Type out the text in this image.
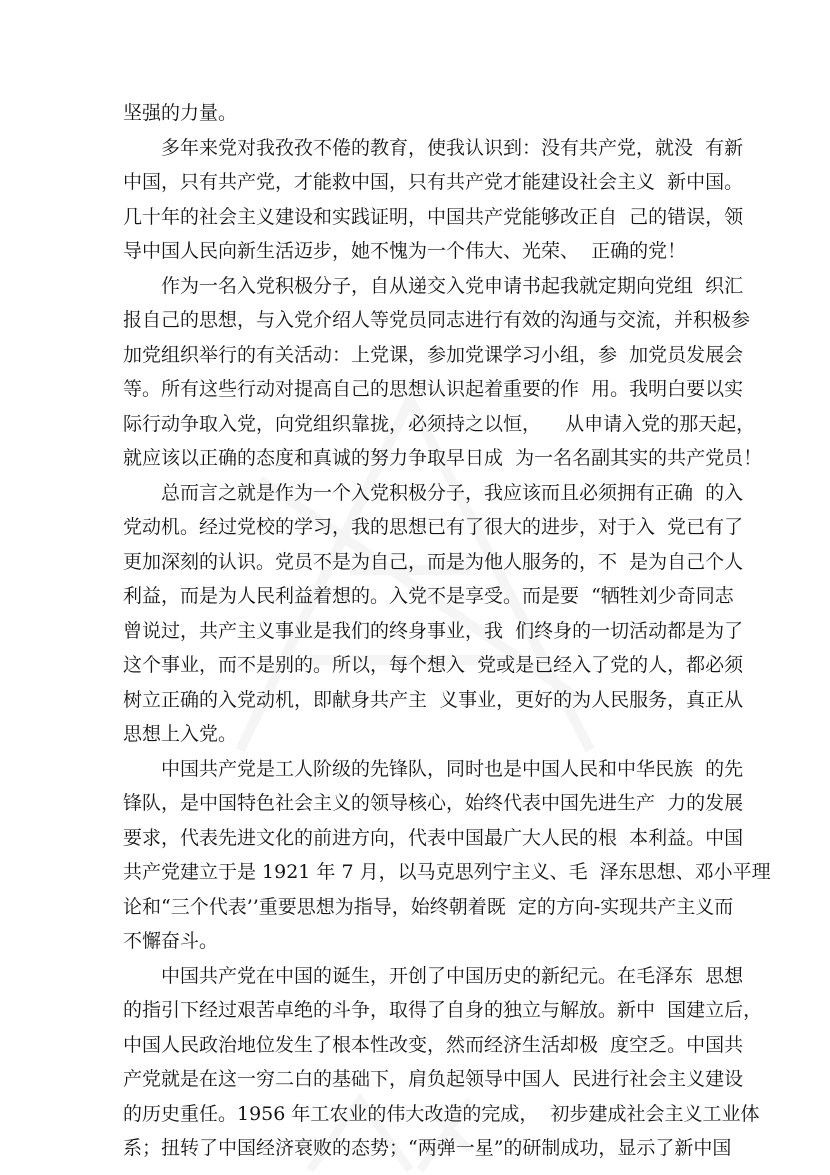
坚强的力量。
多年来党对我孜孜不倦的教育，使我认识到：没有共产党，就没  有新
中国，只有共产党，才能救中国，只有共产党才能建设社会主义  新中国。
几十年的社会主义建设和实践证明，中国共产党能够改正自  己的错误，领
导中国人民向新生活迈步，她不愧为一个伟大、光荣、  正确的党！
作为一名入党积极分子，自从递交入党申请书起我就定期向党组  织汇
报自己的思想，与入党介绍人等党员同志进行有效的沟通与交流，并积极参
加党组织举行的有关活动：上党课，参加党课学习小组，参  加党员发展会
等。所有这些行动对提高自己的思想认识起着重要的作  用。我明白要以实
际行动争取入党，向党组织靠拢，必须持之以恒，    从申请入党的那天起，
就应该以正确的态度和真诚的努力争取早日成  为一名名副其实的共产党员！
总而言之就是作为一个入党积极分子，我应该而且必须拥有正确  的入
党动机。经过党校的学习，我的思想已有了很大的进步，对于入  党已有了
更加深刻的认识。党员不是为自己，而是为他人服务的，不  是为自己个人
利益，而是为人民利益着想的。入党不是享受。而是要  “牺牲刘少奇同志
曾说过，共产主义事业是我们的终身事业，我  们终身的一切活动都是为了
这个事业，而不是别的。所以，每个想入  党或是已经入了党的人，都必须
树立正确的入党动机，即献身共产主  义事业，更好的为人民服务，真正从
思想上入党。
中国共产党是工人阶级的先锋队，同时也是中国人民和中华民族  的先
锋队，是中国特色社会主义的领导核心，始终代表中国先进生产  力的发展
要求，代表先进文化的前进方向，代表中国最广大人民的根  本利益。中国
共产党建立于是 1921 年 7 月，以马克思列宁主义、毛  泽东思想、邓小平理
论和“三个代表’’重要思想为指导，始终朝着既  定的方向-实现共产主义而
不懈奋斗。
中国共产党在中国的诞生，开创了中国历史的新纪元。在毛泽东  思想
的指引下经过艰苦卓绝的斗争，取得了自身的独立与解放。新中  国建立后，
中国人民政治地位发生了根本性改变，然而经济生活却极  度空乏。中国共
产党就是在这一穷二白的基础下，肩负起领导中国人  民进行社会主义建设
的历史重任。1956 年工农业的伟大改造的完成，  初步建成社会主义工业体
系；扭转了中国经济衰败的态势；“两弹一星”的研制成功，显示了新中国
